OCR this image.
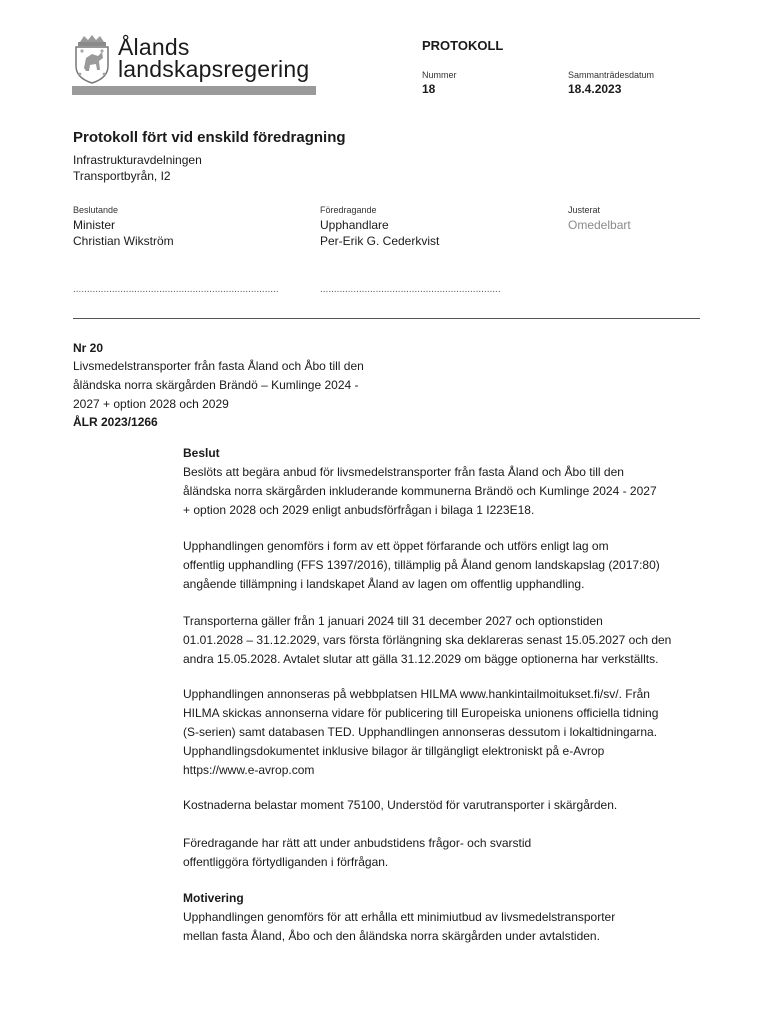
Ålands
landskapsregering
PROTOKOLL
Nummer
18
Sammanträdesdatum
18.4.2023
Protokoll fört vid enskild föredragning
Infrastrukturavdelningen
Transportbyrån, I2
Beslutande
Minister
Christian Wikström
Föredragande
Upphandlare
Per-Erik G. Cederkvist
Justerat
Omedelbart
..........................................................................	.................................................................
Nr 20
Livsmedelstransporter från fasta Åland och Åbo till den
åländska norra skärgården Brändö – Kumlinge 2024 -
2027 + option 2028 och 2029
ÅLR 2023/1266
Beslut
Beslöts att begära anbud för livsmedelstransporter från fasta Åland och Åbo till den
åländska norra skärgården inkluderande kommunerna Brändö och Kumlinge 2024 - 2027
+ option 2028 och 2029 enligt anbudsförfrågan i bilaga 1 I223E18.
Upphandlingen genomförs i form av ett öppet förfarande och utförs enligt lag om
offentlig upphandling (FFS 1397/2016), tillämplig på Åland genom landskapslag (2017:80)
angående tillämpning i landskapet Åland av lagen om offentlig upphandling.
Transporterna gäller från 1 januari 2024 till 31 december 2027 och optionstiden
01.01.2028 – 31.12.2029, vars första förlängning ska deklareras senast 15.05.2027 och den
andra 15.05.2028. Avtalet slutar att gälla 31.12.2029 om bägge optionerna har verkställts.
Upphandlingen annonseras på webbplatsen HILMA www.hankintailmoitukset.fi/sv/. Från
HILMA skickas annonserna vidare för publicering till Europeiska unionens officiella tidning
(S-serien) samt databasen TED. Upphandlingen annonseras dessutom i lokaltidningarna.
Upphandlingsdokumentet inklusive bilagor är tillgängligt elektroniskt på e-Avrop
https://www.e-avrop.com
Kostnaderna belastar moment 75100, Understöd för varutransporter i skärgården.
Föredragande har rätt att under anbudstidens frågor- och svarstid
offentliggöra förtydliganden i förfrågan.
Motivering
Upphandlingen genomförs för att erhålla ett minimiutbud av livsmedelstransporter
mellan fasta Åland, Åbo och den åländska norra skärgården under avtalstiden.
